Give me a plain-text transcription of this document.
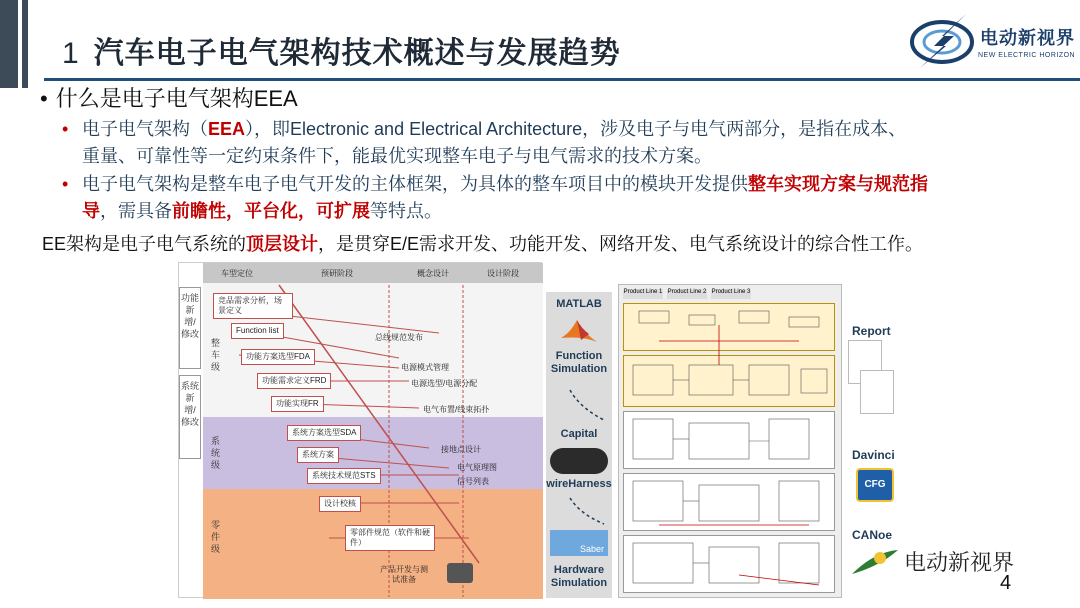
1 汽车电子电气架构技术概述与发展趋势	电动新视界
NEW ELECTRIC HORIZON
• 什么是电子电气架构EEA
• 电子电气架构（EEA），即Electronic and Electrical Architecture，涉及电子与电气两部分，是指在成本、
重量、可靠性等一定约束条件下，能最优实现整车电子与电气需求的技术方案。
• 电子电气架构是整车电子电气开发的主体框架，为具体的整车项目中的模块开发提供整车实现方案与规范指
导，需具备前瞻性，平台化，可扩展等特点。
EE架构是电子电气系统的顶层设计，是贯穿E/E需求开发、功能开发、网络开发、电气系统设计的综合性工作。
车型定位	预研阶段	概念设计	设计阶段
功能新增/修改
系统新增/修改
整车级
系统级
零件级
竞品需求分析，场景定义
Function list
功能方案选型FDA
功能需求定义FRD
功能实现FR
系统方案选型SDA
系统方案
系统技术规范STS
设计校核
零部件规范（软件和硬件）
产品开发与测试准备
总线规范发布
电源模式管理
电源选型/电源分配
电气布置/线束拓扑
接地点设计
电气原理图
信号列表
MATLAB
Function Simulation
Capital
wireHarness
Saber
Hardware Simulation
Product Line 1 Product Line 2 Product Line 3
Report
Davinci
CFG
CANoe
电动新视界
4
